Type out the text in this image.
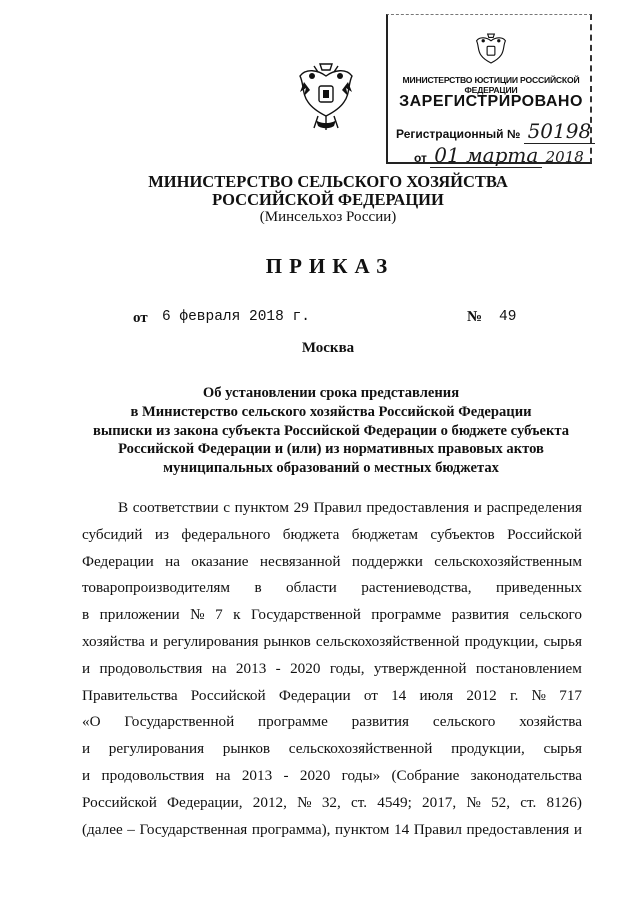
МИНИСТЕРСТВО ЮСТИЦИИ РОССИЙСКОЙ ФЕДЕРАЦИИ
ЗАРЕГИСТРИРОВАНО
Регистрационный № 50198
от 01 марта 2018
МИНИСТЕРСТВО СЕЛЬСКОГО ХОЗЯЙСТВА
РОССИЙСКОЙ ФЕДЕРАЦИИ
(Минсельхоз России)
ПРИКАЗ
от 6 февраля 2018 г.	№ 49
Москва
Об установлении срока представления
в Министерство сельского хозяйства Российской Федерации
выписки из закона субъекта Российской Федерации о бюджете субъекта
Российской Федерации и (или) из нормативных правовых актов
муниципальных образований о местных бюджетах
В соответствии с пунктом 29 Правил предоставления и распределения
субсидий из федерального бюджета бюджетам субъектов Российской
Федерации на оказание несвязанной поддержки сельскохозяйственным
товаропроизводителям в области растениеводства, приведенных
в приложении № 7 к Государственной программе развития сельского
хозяйства и регулирования рынков сельскохозяйственной продукции, сырья
и продовольствия на 2013 - 2020 годы, утвержденной постановлением
Правительства Российской Федерации от 14 июля 2012 г. № 717
«О Государственной программе развития сельского хозяйства
и регулирования рынков сельскохозяйственной продукции, сырья
и продовольствия на 2013 - 2020 годы» (Собрание законодательства
Российской Федерации, 2012, № 32, ст. 4549; 2017, № 52, ст. 8126)
(далее – Государственная программа), пунктом 14 Правил предоставления и
